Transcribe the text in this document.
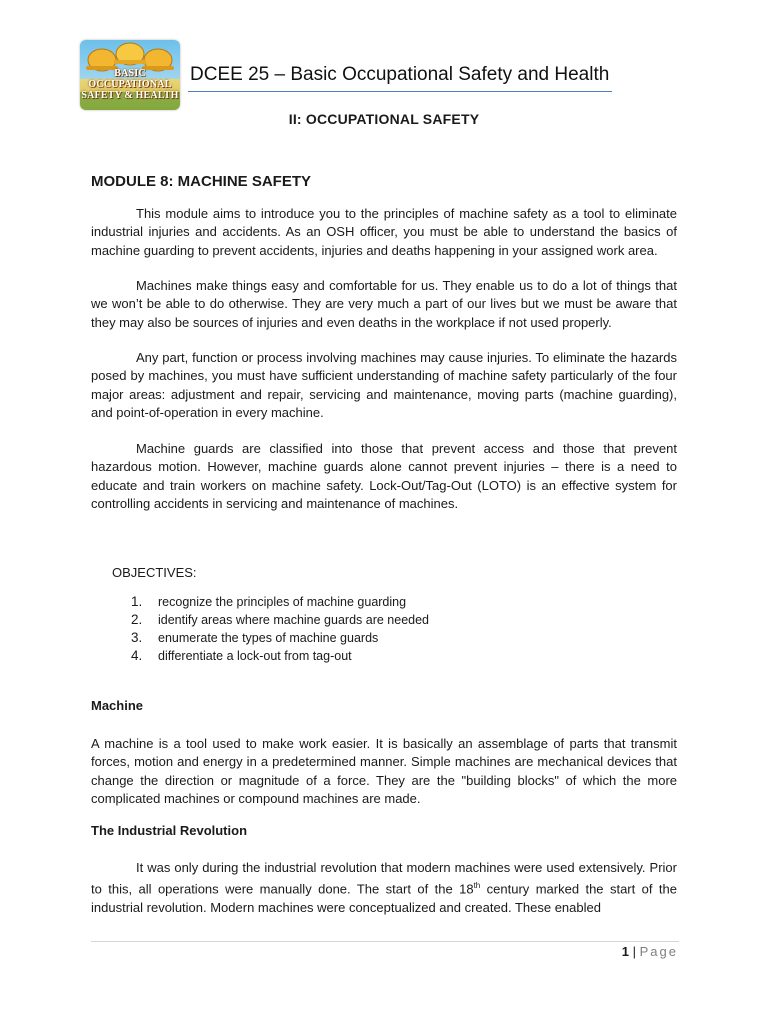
BASIC OCCUPATIONAL SAFETY & HEALTH
DCEE 25 – Basic Occupational Safety and Health
II: OCCUPATIONAL SAFETY
MODULE 8: MACHINE SAFETY

This module aims to introduce you to the principles of machine safety as a tool to eliminate industrial injuries and accidents. As an OSH officer, you must be able to understand the basics of machine guarding to prevent accidents, injuries and deaths happening in your assigned work area.

Machines make things easy and comfortable for us. They enable us to do a lot of things that we won’t be able to do otherwise. They are very much a part of our lives but we must be aware that they may also be sources of injuries and even deaths in the workplace if not used properly.

Any part, function or process involving machines may cause injuries. To eliminate the hazards posed by machines, you must have sufficient understanding of machine safety particularly of the four major areas: adjustment and repair, servicing and maintenance, moving parts (machine guarding), and point-of-operation in every machine.

Machine guards are classified into those that prevent access and those that prevent hazardous motion. However, machine guards alone cannot prevent injuries – there is a need to educate and train workers on machine safety. Lock-Out/Tag-Out (LOTO) is an effective system for controlling accidents in servicing and maintenance of machines.

OBJECTIVES:
1.	recognize the principles of machine guarding
2.	identify areas where machine guards are needed
3.	enumerate the types of machine guards
4.	differentiate a lock-out from tag-out
Machine

A machine is a tool used to make work easier. It is basically an assemblage of parts that transmit forces, motion and energy in a predetermined manner. Simple machines are mechanical devices that change the direction or magnitude of a force. They are the "building blocks" of which the more complicated machines or compound machines are made.

The Industrial Revolution

It was only during the industrial revolution that modern machines were used extensively. Prior to this, all operations were manually done. The start of the 18th century marked the start of the industrial revolution. Modern machines were conceptualized and created. These enabled

1 | Page
